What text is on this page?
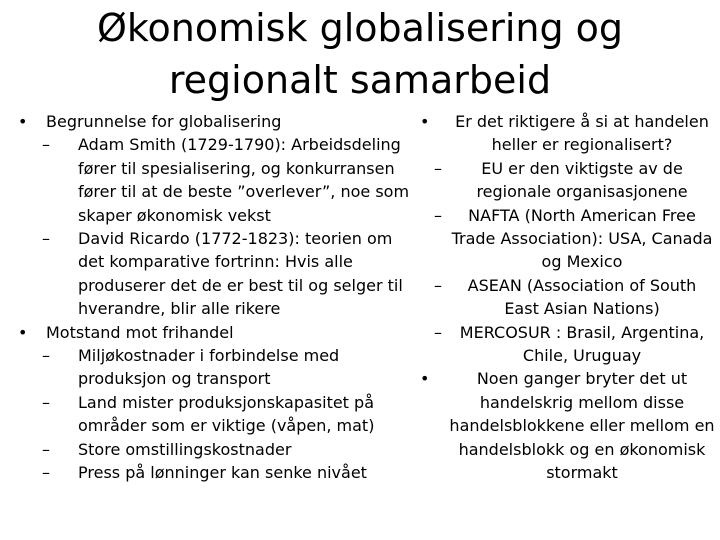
Økonomisk globalisering og
regionalt samarbeid

• Begrunnelse for globalisering

– Adam Smith (1729-1790): Arbeidsdeling fører til spesialisering, og konkurransen fører til at de beste ”overlever”, noe som skaper økonomisk vekst

– David Ricardo (1772-1823): teorien om det komparative fortrinn: Hvis alle produserer det de er best til og selger til hverandre, blir alle rikere

• Motstand mot frihandel

– Miljøkostnader i forbindelse med produksjon og transport

– Land mister produksjonskapasitet på områder som er viktige (våpen, mat)

– Store omstillingskostnader

– Press på lønninger kan senke nivået

• Er det riktigere å si at handelen heller er regionalisert?

– EU er den viktigste av de regionale organisasjonene

– NAFTA (North American Free Trade Association): USA, Canada og Mexico

– ASEAN (Association of South East Asian Nations)

– MERCOSUR : Brasil, Argentina, Chile, Uruguay

•	Noen ganger bryter det ut handelskrig mellom disse handelsblokkene eller mellom en handelsblokk og en økonomisk stormakt
